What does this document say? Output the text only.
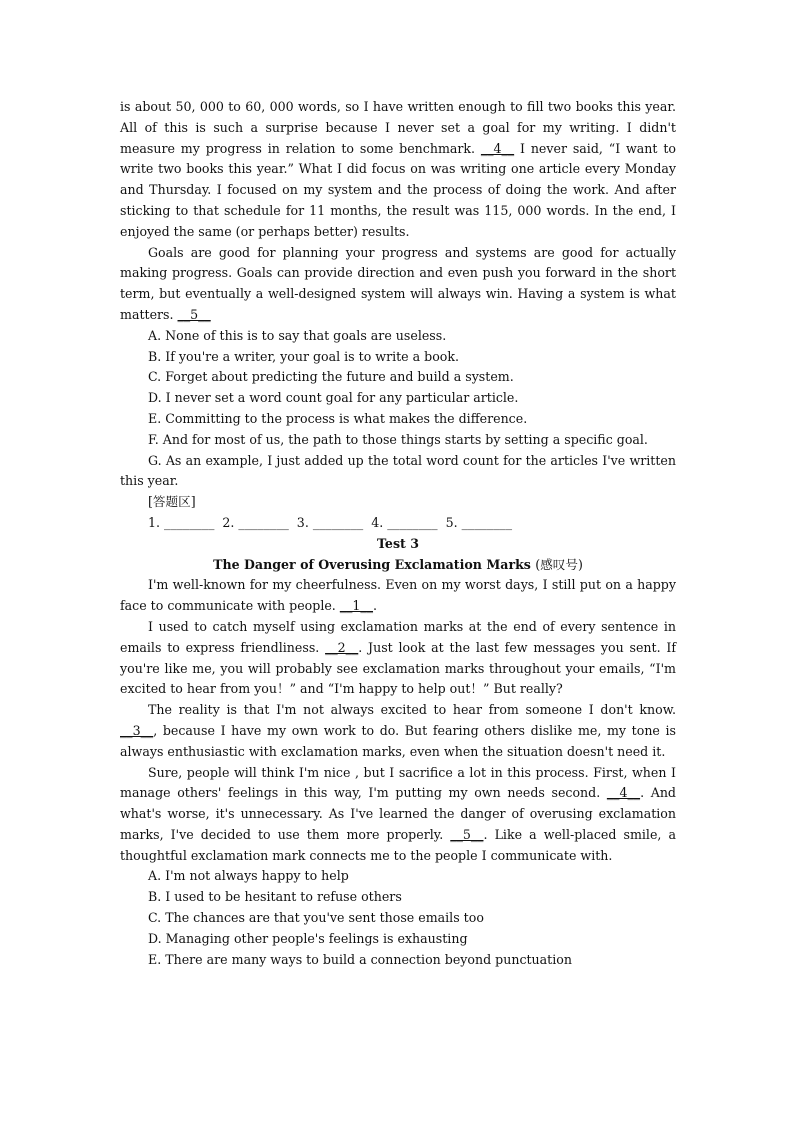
is about 50, 000 to 60, 000 words, so I have written enough to fill two books this year. All of this is such a surprise because I never set a goal for my writing. I didn't measure my progress in relation to some benchmark. __4__ I never said, “I want to write two books this year.” What I did focus on was writing one article every Monday and Thursday. I focused on my system and the process of doing the work. And after sticking to that schedule for 11 months, the result was 115, 000 words. In the end, I enjoyed the same (or perhaps better) results.

Goals are good for planning your progress and systems are good for actually making progress. Goals can provide direction and even push you forward in the short term, but eventually a well-designed system will always win. Having a system is what matters. __5__

A. None of this is to say that goals are useless.

B. If you're a writer, your goal is to write a book.

C. Forget about predicting the future and build a system.

D. I never set a word count goal for any particular article.

E. Committing to the process is what makes the difference.

F. And for most of us, the path to those things starts by setting a specific goal.

G. As an example, I just added up the total word count for the articles I've written this year.

[答题区]

1. ________  2. ________  3. ________  4. ________  5. ________

Test 3

The Danger of Overusing Exclamation Marks (感叹号)

I'm well-known for my cheerfulness. Even on my worst days, I still put on a happy face to communicate with people. __1__.

I used to catch myself using exclamation marks at the end of every sentence in emails to express friendliness. __2__. Just look at the last few messages you sent. If you're like me, you will probably see exclamation marks throughout your emails, “I'm excited to hear from you！” and “I'm happy to help out！” But really?

The reality is that I'm not always excited to hear from someone I don't know. __3__, because I have my own work to do. But fearing others dislike me, my tone is always enthusiastic with exclamation marks, even when the situation doesn't need it.

Sure, people will think I'm nice , but I sacrifice a lot in this process. First, when I manage others' feelings in this way, I'm putting my own needs second. __4__. And what's worse, it's unnecessary. As I've learned the danger of overusing exclamation marks, I've decided to use them more properly. __5__. Like a well-placed smile, a thoughtful exclamation mark connects me to the people I communicate with.

A. I'm not always happy to help

B. I used to be hesitant to refuse others

C. The chances are that you've sent those emails too

D. Managing other people's feelings is exhausting

E. There are many ways to build a connection beyond punctuation
